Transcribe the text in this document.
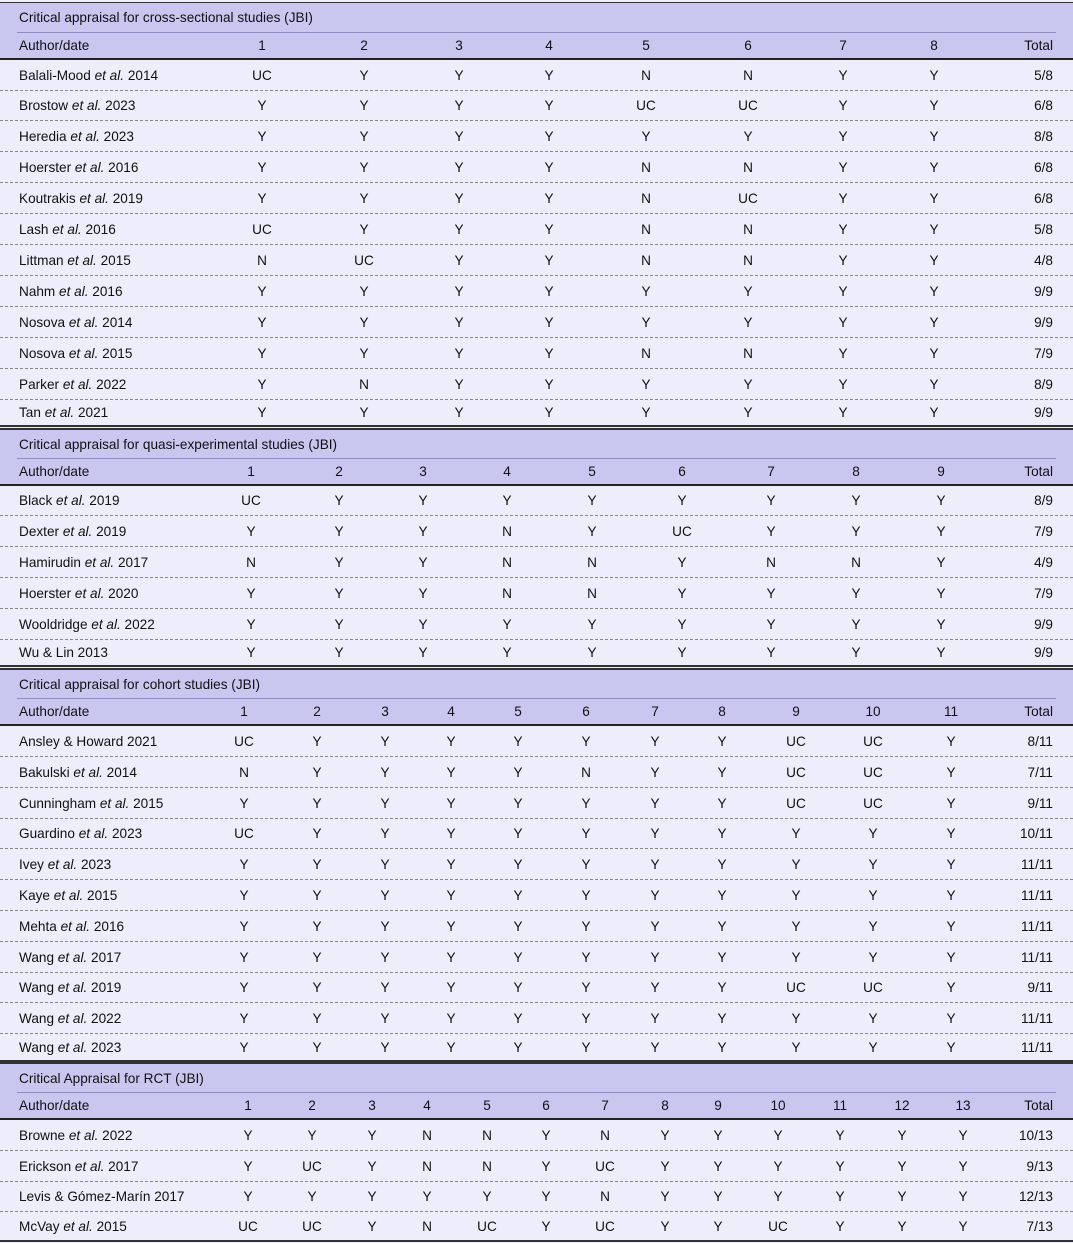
Critical appraisal for cross-sectional studies (JBI)
Author/date	1	2	3	4	5	6	7	8	Total
Balali-Mood et al. 2014	UC	Y	Y	Y	N	N	Y	Y	5/8
Brostow et al. 2023	Y	Y	Y	Y	UC	UC	Y	Y	6/8
Heredia et al. 2023	Y	Y	Y	Y	Y	Y	Y	Y	8/8
Hoerster et al. 2016	Y	Y	Y	Y	N	N	Y	Y	6/8
Koutrakis et al. 2019	Y	Y	Y	Y	N	UC	Y	Y	6/8
Lash et al. 2016	UC	Y	Y	Y	N	N	Y	Y	5/8
Littman et al. 2015	N	UC	Y	Y	N	N	Y	Y	4/8
Nahm et al. 2016	Y	Y	Y	Y	Y	Y	Y	Y	9/9
Nosova et al. 2014	Y	Y	Y	Y	Y	Y	Y	Y	9/9
Nosova et al. 2015	Y	Y	Y	Y	N	N	Y	Y	7/9
Parker et al. 2022	Y	N	Y	Y	Y	Y	Y	Y	8/9
Tan et al. 2021	Y	Y	Y	Y	Y	Y	Y	Y	9/9
Critical appraisal for quasi-experimental studies (JBI)
Author/date	1	2	3	4	5	6	7	8	9	Total
Black et al. 2019	UC	Y	Y	Y	Y	Y	Y	Y	Y	8/9
Dexter et al. 2019	Y	Y	Y	N	Y	UC	Y	Y	Y	7/9
Hamirudin et al. 2017	N	Y	Y	N	N	Y	N	N	Y	4/9
Hoerster et al. 2020	Y	Y	Y	N	N	Y	Y	Y	Y	7/9
Wooldridge et al. 2022	Y	Y	Y	Y	Y	Y	Y	Y	Y	9/9
Wu & Lin 2013	Y	Y	Y	Y	Y	Y	Y	Y	Y	9/9
Critical appraisal for cohort studies (JBI)
Author/date	1	2	3	4	5	6	7	8	9	10	11	Total
Ansley & Howard 2021	UC	Y	Y	Y	Y	Y	Y	Y	UC	UC	Y	8/11
Bakulski et al. 2014	N	Y	Y	Y	Y	N	Y	Y	UC	UC	Y	7/11
Cunningham et al. 2015	Y	Y	Y	Y	Y	Y	Y	Y	UC	UC	Y	9/11
Guardino et al. 2023	UC	Y	Y	Y	Y	Y	Y	Y	Y	Y	Y	10/11
Ivey et al. 2023	Y	Y	Y	Y	Y	Y	Y	Y	Y	Y	Y	11/11
Kaye et al. 2015	Y	Y	Y	Y	Y	Y	Y	Y	Y	Y	Y	11/11
Mehta et al. 2016	Y	Y	Y	Y	Y	Y	Y	Y	Y	Y	Y	11/11
Wang et al. 2017	Y	Y	Y	Y	Y	Y	Y	Y	Y	Y	Y	11/11
Wang et al. 2019	Y	Y	Y	Y	Y	Y	Y	Y	UC	UC	Y	9/11
Wang et al. 2022	Y	Y	Y	Y	Y	Y	Y	Y	Y	Y	Y	11/11
Wang et al. 2023	Y	Y	Y	Y	Y	Y	Y	Y	Y	Y	Y	11/11
Critical Appraisal for RCT (JBI)
Author/date	1	2	3	4	5	6	7	8	9	10	11	12	13	Total
Browne et al. 2022	Y	Y	Y	N	N	Y	N	Y	Y	Y	Y	Y	Y	10/13
Erickson et al. 2017	Y	UC	Y	N	N	Y	UC	Y	Y	Y	Y	Y	Y	9/13
Levis & Gómez-Marín 2017	Y	Y	Y	Y	Y	Y	N	Y	Y	Y	Y	Y	Y	12/13
McVay et al. 2015	UC	UC	Y	N	UC	Y	UC	Y	Y	UC	Y	Y	Y	7/13
